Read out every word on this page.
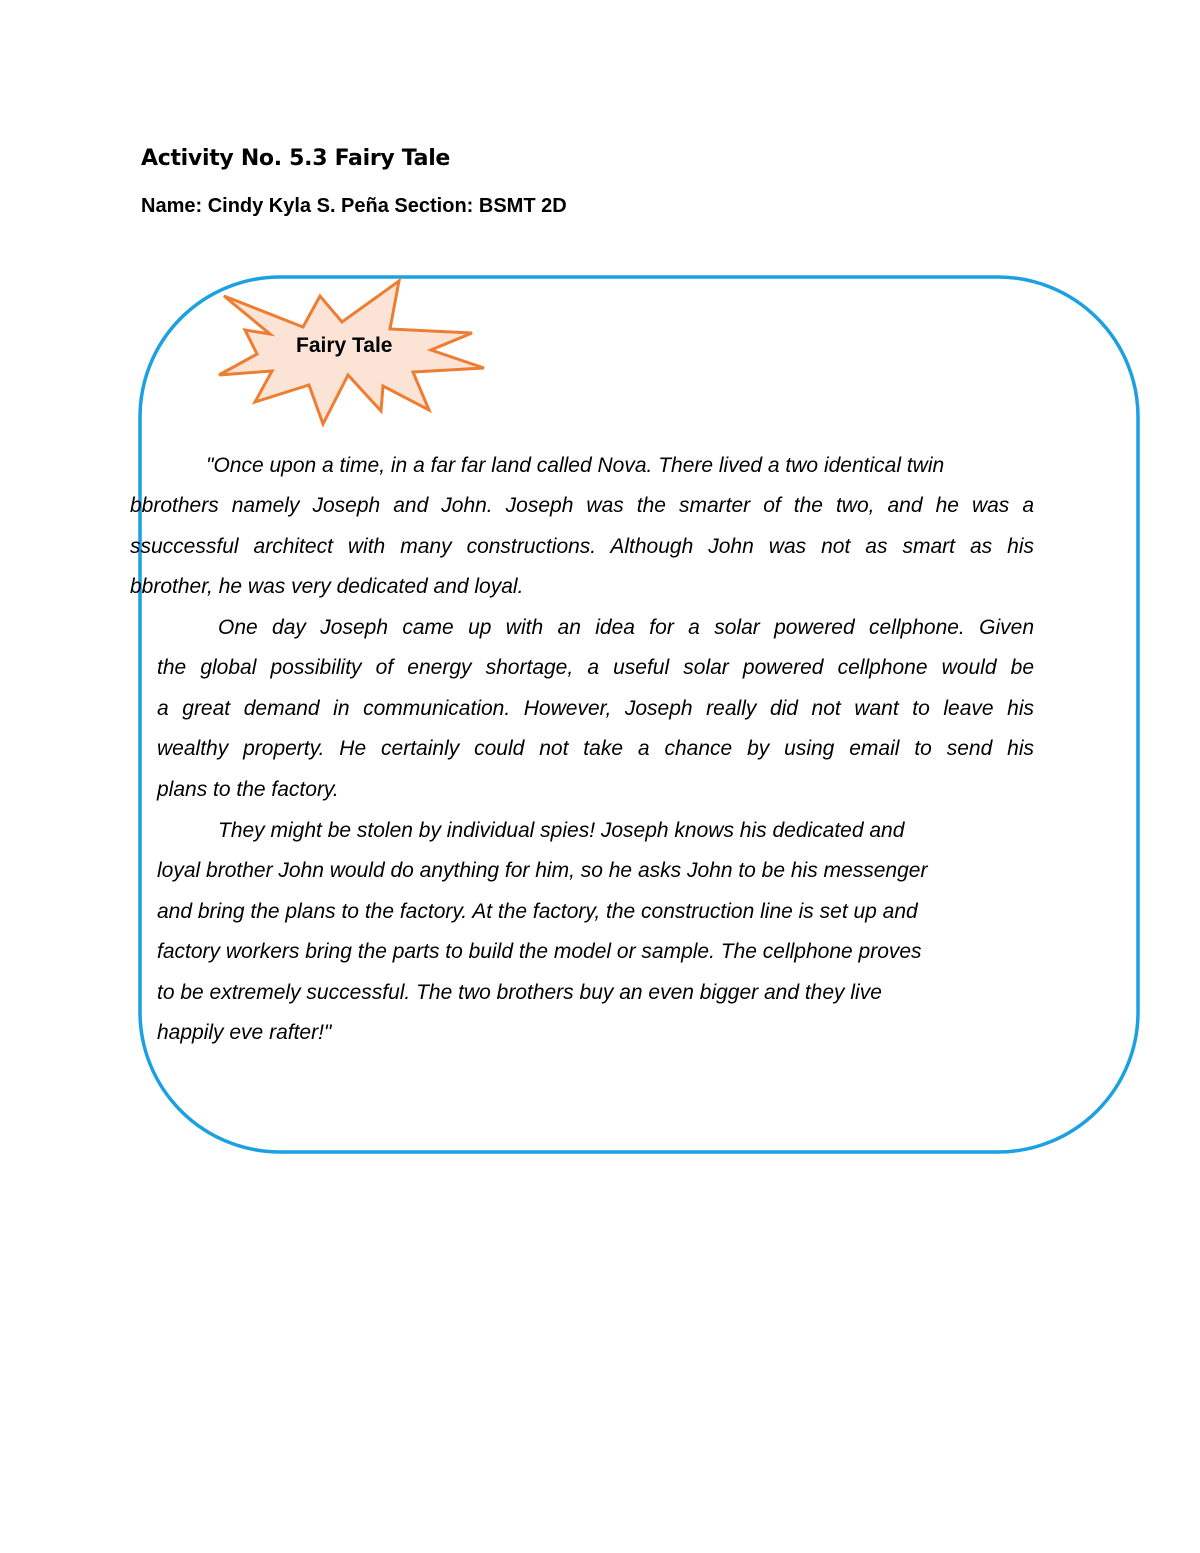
Activity No. 5.3 Fairy Tale
Name: Cindy Kyla S. Peña Section: BSMT 2D
Fairy Tale
"Once upon a time, in a far far land called Nova. There lived a two identical twin
bbrothers namely Joseph and John. Joseph was the smarter of the two, and he was a
ssuccessful architect with many constructions. Although John was not as smart as his
bbrother, he was very dedicated and loyal.
One day Joseph came up with an idea for a solar powered cellphone. Given
the global possibility of energy shortage, a useful solar powered cellphone would be
a great demand in communication. However, Joseph really did not want to leave his
wealthy property. He certainly could not take a chance by using email to send his
plans to the factory.
They might be stolen by individual spies! Joseph knows his dedicated and
loyal brother John would do anything for him, so he asks John to be his messenger
and bring the plans to the factory. At the factory, the construction line is set up and
factory workers bring the parts to build the model or sample. The cellphone proves
to be extremely successful. The two brothers buy an even bigger and they live
happily eve rafter!"
